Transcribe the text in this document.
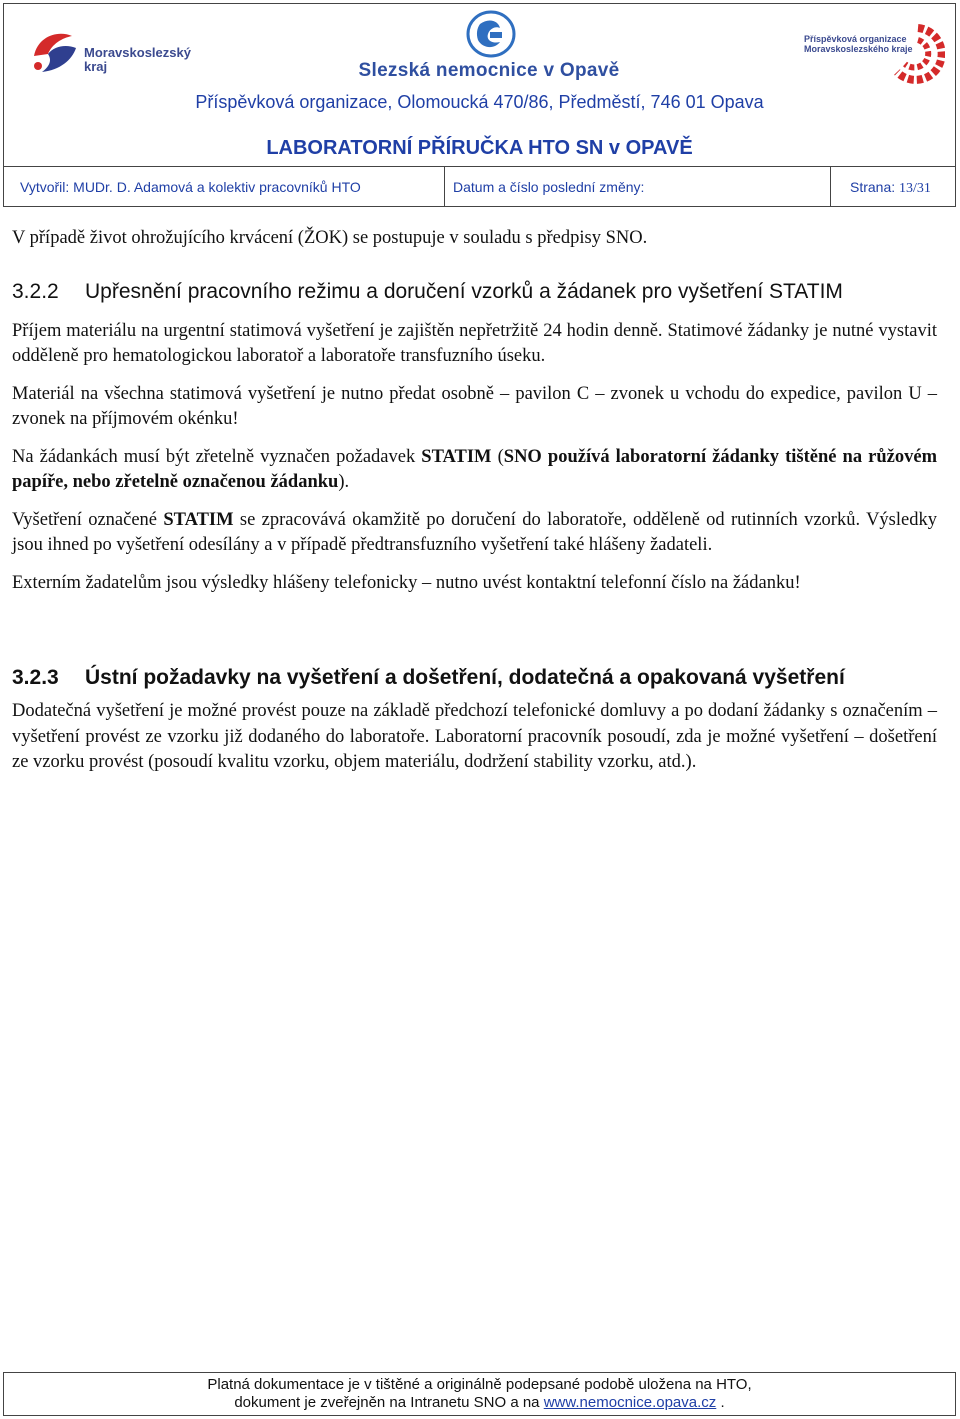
Moravskoslezský
kraj	Slezská nemocnice v Opavě
Příspěvková organizace
Moravskoslezského kraje
Příspěvková organizace, Olomoucká 470/86, Předměstí, 746 01 Opava
LABORATORNÍ PŘÍRUČKA HTO SN v OPAVĚ
Vytvořil: MUDr. D. Adamová a kolektiv pracovníků HTO	Datum a číslo poslední změny:	Strana: 13/31

V případě život ohrožujícího krvácení (ŽOK) se postupuje v souladu s předpisy SNO.

3.2.2 Upřesnění pracovního režimu a doručení vzorků a žádanek pro vyšetření STATIM

Příjem materiálu na urgentní statimová vyšetření je zajištěn nepřetržitě 24 hodin denně. Statimové žádanky je nutné vystavit odděleně pro hematologickou laboratoř a laboratoře transfuzního úseku.

Materiál na všechna statimová vyšetření je nutno předat osobně – pavilon C – zvonek u vchodu do expedice, pavilon U – zvonek na příjmovém okénku!

Na žádankách musí být zřetelně vyznačen požadavek STATIM (SNO používá laboratorní žádanky tištěné na růžovém papíře, nebo zřetelně označenou žádanku).

Vyšetření označené STATIM se zpracovává okamžitě po doručení do laboratoře, odděleně od rutinních vzorků. Výsledky jsou ihned po vyšetření odesílány a v případě předtransfuzního vyšetření také hlášeny žadateli.

Externím žadatelům jsou výsledky hlášeny telefonicky – nutno uvést kontaktní telefonní číslo na žádanku!

3.2.3 Ústní požadavky na vyšetření a došetření, dodatečná a opakovaná vyšetření

Dodatečná vyšetření je možné provést pouze na základě předchozí telefonické domluvy a po dodaní žádanky s označením – vyšetření provést ze vzorku již dodaného do laboratoře. Laboratorní pracovník posoudí, zda je možné vyšetření – došetření ze vzorku provést (posoudí kvalitu vzorku, objem materiálu, dodržení stability vzorku, atd.).

Platná dokumentace je v tištěné a originálně podepsané podobě uložena na HTO,
dokument je zveřejněn na Intranetu SNO a na www.nemocnice.opava.cz .
